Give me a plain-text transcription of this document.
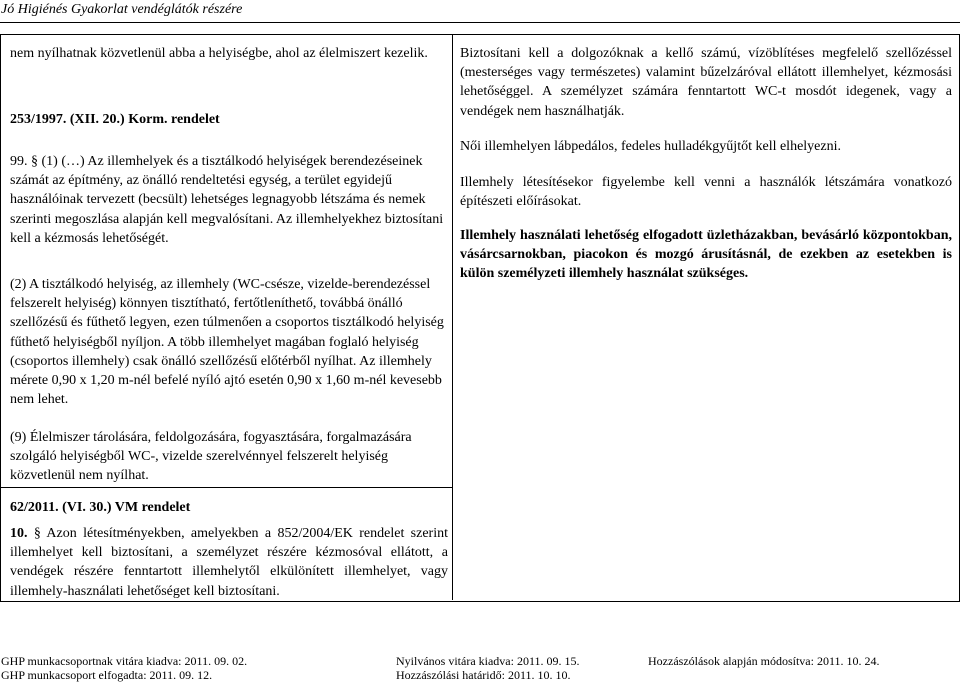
Jó Higiénés Gyakorlat vendéglátók részére
nem nyílhatnak közvetlenül abba a helyiségbe, ahol az élelmiszert kezelik.
253/1997. (XII. 20.) Korm. rendelet
99. § (1) (…) Az illemhelyek és a tisztálkodó helyiségek berendezéseinek számát az építmény, az önálló rendeltetési egység, a terület egyidejű használóinak tervezett (becsült) lehetséges legnagyobb létszáma és nemek szerinti megoszlása alapján kell megvalósítani. Az illemhelyekhez biztosítani kell a kézmosás lehetőségét.
(2) A tisztálkodó helyiség, az illemhely (WC-csésze, vizelde-berendezéssel felszerelt helyiség) könnyen tisztítható, fertőtleníthető, továbbá önálló szellőzésű és fűthető legyen, ezen túlmenően a csoportos tisztálkodó helyiség fűthető helyiségből nyíljon. A több illemhelyet magában foglaló helyiség (csoportos illemhely) csak önálló szellőzésű előtérből nyílhat. Az illemhely mérete 0,90 x 1,20 m-nél befelé nyíló ajtó esetén 0,90 x 1,60 m-nél kevesebb nem lehet.
(9) Élelmiszer tárolására, feldolgozására, fogyasztására, forgalmazására szolgáló helyiségből WC-, vizelde szerelvénnyel felszerelt helyiség közvetlenül nem nyílhat.
62/2011. (VI. 30.) VM rendelet
10. § Azon létesítményekben, amelyekben a 852/2004/EK rendelet szerint illemhelyet kell biztosítani, a személyzet részére kézmosóval ellátott, a vendégek részére fenntartott illemhelytől elkülönített illemhelyet, vagy illemhely-használati lehetőséget kell biztosítani.
Biztosítani kell a dolgozóknak a kellő számú, vízöblítéses megfelelő szellőzéssel (mesterséges vagy természetes) valamint bűzelzáróval ellátott illemhelyet, kézmosási lehetőséggel. A személyzet számára fenntartott WC-t mosdót idegenek, vagy a vendégek nem használhatják.
Női illemhelyen lábpedálos, fedeles hulladékgyűjtőt kell elhelyezni.
Illemhely létesítésekor figyelembe kell venni a használók létszámára vonatkozó építészeti előírásokat.
Illemhely használati lehetőség elfogadott üzletházakban, bevásárló központokban, vásárcsarnokban, piacokon és mozgó árusításnál, de ezekben az esetekben is külön személyzeti illemhely használat szükséges.
GHP munkacsoportnak vitára kiadva: 2011. 09. 02.	Nyilvános vitára kiadva: 2011. 09. 15.	Hozzászólások alapján módosítva: 2011. 10. 24.
GHP munkacsoport elfogadta: 2011. 09. 12.	Hozzászólási határidő: 2011. 10. 10.
